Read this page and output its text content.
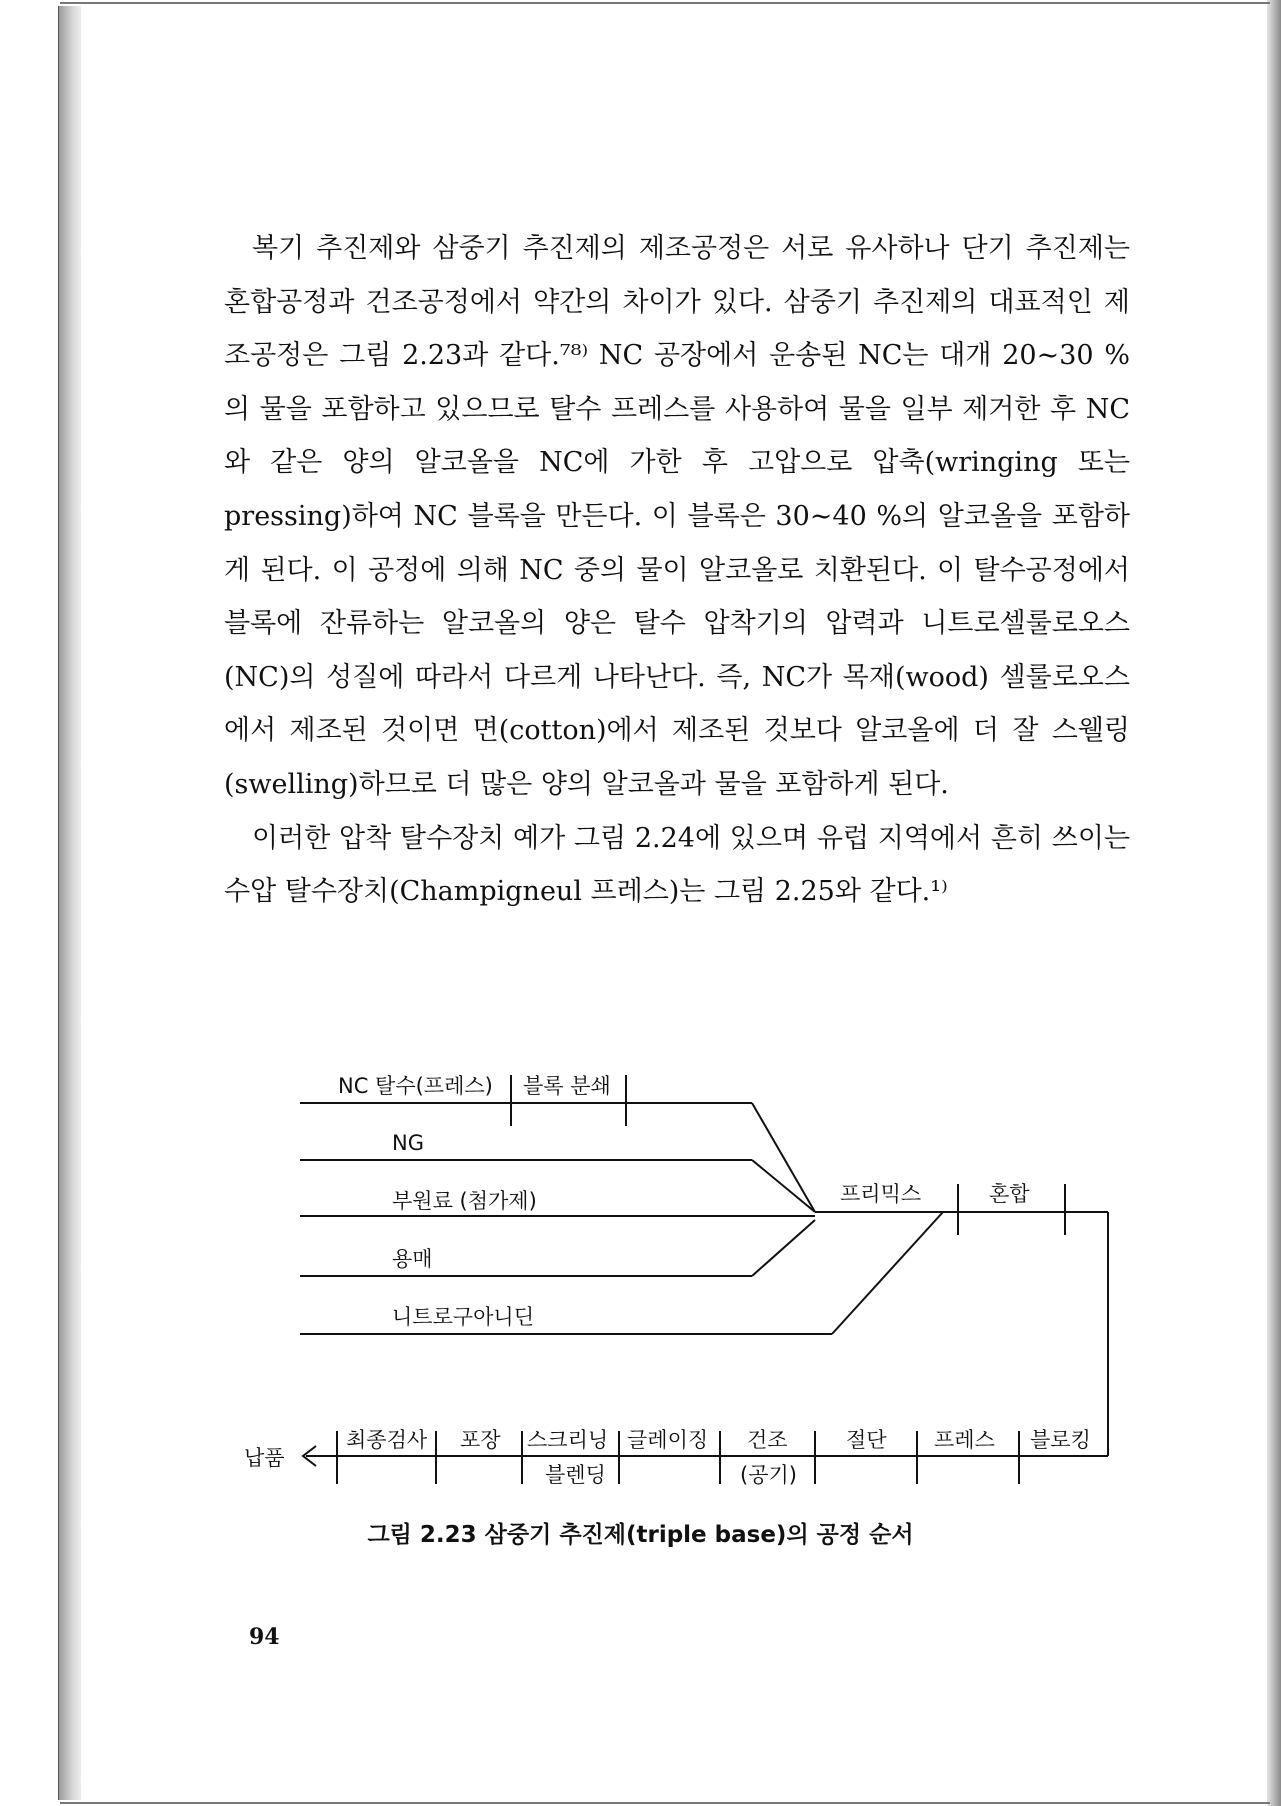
복기 추진제와 삼중기 추진제의 제조공정은 서로 유사하나 단기 추진제는 혼합공정과 건조공정에서 약간의 차이가 있다. 삼중기 추진제의 대표적인 제조공정은 그림 2.23과 같다.⁷⁸⁾ NC 공장에서 운송된 NC는 대개 20∼30 %의 물을 포함하고 있으므로 탈수 프레스를 사용하여 물을 일부 제거한 후 NC와 같은 양의 알코올을 NC에 가한 후 고압으로 압축(wringing 또는 pressing)하여 NC 블록을 만든다. 이 블록은 30∼40 %의 알코올을 포함하게 된다. 이 공정에 의해 NC 중의 물이 알코올로 치환된다. 이 탈수공정에서 블록에 잔류하는 알코올의 양은 탈수 압착기의 압력과 니트로셀룰로오스(NC)의 성질에 따라서 다르게 나타난다. 즉, NC가 목재(wood) 셀룰로오스에서 제조된 것이면 면(cotton)에서 제조된 것보다 알코올에 더 잘 스웰링(swelling)하므로 더 많은 양의 알코올과 물을 포함하게 된다.

이러한 압착 탈수장치 예가 그림 2.24에 있으며 유럽 지역에서 흔히 쓰이는 수압 탈수장치(Champigneul 프레스)는 그림 2.25와 같다.¹⁾

NC 탈수(프레스) 블록 분쇄
NG
부원료 (첨가제)
용매
니트로구아니딘
프리믹스	혼합
납품
최종검사 포장 스크리닝
블렌딩
글레이징 건조
(공기)
절단 프레스 블로킹
그림 2.23 삼중기 추진제(triple base)의 공정 순서
94
